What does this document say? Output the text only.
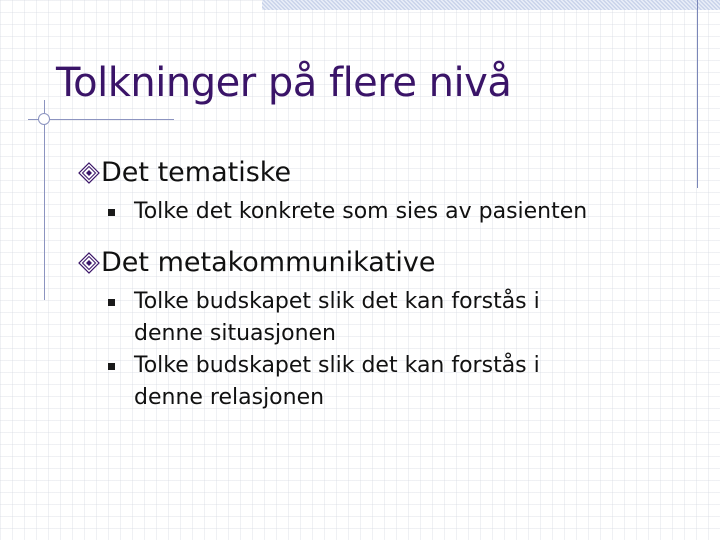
Tolkninger på flere nivå
Det tematiske
Tolke det konkrete som sies av pasienten
Det metakommunikative
Tolke budskapet slik det kan forstås i denne situasjonen
Tolke budskapet slik det kan forstås i denne relasjonen
